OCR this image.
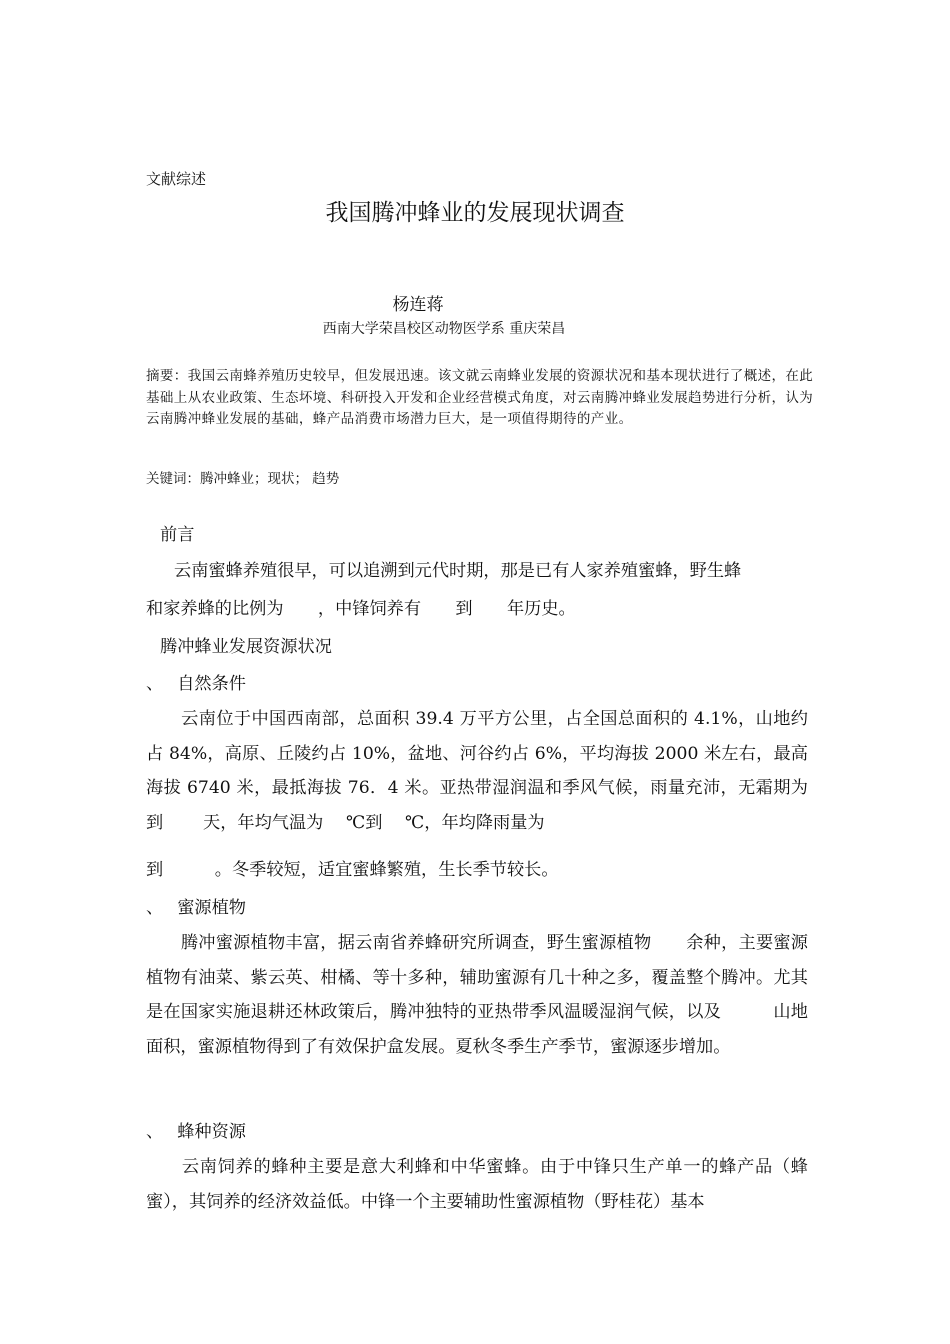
文献综述
我国腾冲蜂业的发展现状调查
杨连蒋
西南大学荣昌校区动物医学系 重庆荣昌
摘要：我国云南蜂养殖历史较早，但发展迅速。该文就云南蜂业发展的资源状况和基本现状进行了概述，在此基础上从农业政策、生态坏境、科研投入开发和企业经营模式角度，对云南腾冲蜂业发展趋势进行分析，认为云南腾冲蜂业发展的基础，蜂产品消费市场潜力巨大，是一项值得期待的产业。
关键词：腾冲蜂业；现状； 趋势
前言
云南蜜蜂养殖很早，可以追溯到元代时期，那是已有人家养殖蜜蜂，野生蜂
和家养蜂的比例为　　，中锋饲养有　　到　　年历史。
腾冲蜂业发展资源状况
、　 自然条件
　　云南位于中国西南部，总面积 39.4 万平方公里，占全国总面积的 4.1%，山地约占 84%，高原、丘陵约占 10%，盆地、河谷约占 6%，平均海拔 2000 米左右，最高海拔 6740 米，最抵海拔 76．4 米。亚热带湿润温和季风气候，雨量充沛，无霜期为　　 到　　 天，年均气温为　 ℃到　 ℃，年均降雨量为
到　　　。冬季较短，适宜蜜蜂繁殖，生长季节较长。
、　 蜜源植物
　　腾冲蜜源植物丰富，据云南省养蜂研究所调查，野生蜜源植物　　余种，主要蜜源植物有油菜、紫云英、柑橘、等十多种，辅助蜜源有几十种之多，覆盖整个腾冲。尤其是在国家实施退耕还林政策后，腾冲独特的亚热带季风温暖湿润气候，以及　　　山地面积，蜜源植物得到了有效保护盒发展。夏秋冬季生产季节，蜜源逐步增加。
、　 蜂种资源
　　云南饲养的蜂种主要是意大利蜂和中华蜜蜂。由于中锋只生产单一的蜂产品（蜂蜜），其饲养的经济效益低。中锋一个主要辅助性蜜源植物（野桂花）基本
